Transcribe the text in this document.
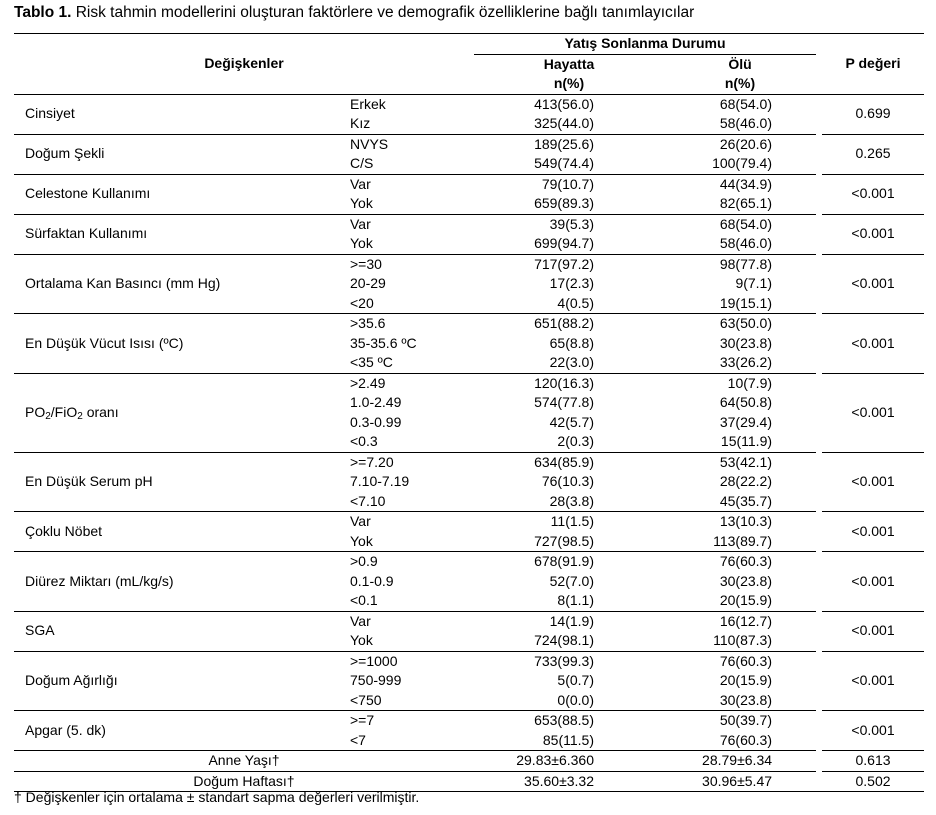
Tablo 1. Risk tahmin modellerini oluşturan faktörlere ve demografik özelliklerine bağlı tanımlayıcılar
Değişkenler		Yatış Sonlanma Durumu			P değeri
		Hayatta	Ölü		
		n(%)	n(%)		
Cinsiyet	Erkek	413(56.0)	68(54.0)		0.699
	Kız	325(44.0)	58(46.0)		
Doğum Şekli	NVYS	189(25.6)	26(20.6)		0.265
	C/S	549(74.4)	100(79.4)		
Celestone Kullanımı	Var	79(10.7)	44(34.9)		<0.001
	Yok	659(89.3)	82(65.1)		
Sürfaktan Kullanımı	Var	39(5.3)	68(54.0)		<0.001
	Yok	699(94.7)	58(46.0)		
Ortalama Kan Basıncı (mm Hg)	>=30	717(97.2)	98(77.8)		<0.001
	20-29	17(2.3)	9(7.1)		
	<20	4(0.5)	19(15.1)		
En Düşük Vücut Isısı (ºC)	>35.6	651(88.2)	63(50.0)		<0.001
	35-35.6 ºC	65(8.8)	30(23.8)		
	<35 ºC	22(3.0)	33(26.2)		
$PO_2/FiO_2$ oranı	>2.49	120(16.3)	10(7.9)		<0.001
	1.0-2.49	574(77.8)	64(50.8)		
	0.3-0.99	42(5.7)	37(29.4)		
	<0.3	2(0.3)	15(11.9)		
En Düşük Serum pH	>=7.20	634(85.9)	53(42.1)		<0.001
	7.10-7.19	76(10.3)	28(22.2)		
	<7.10	28(3.8)	45(35.7)		
Çoklu Nöbet	Var	11(1.5)	13(10.3)		<0.001
	Yok	727(98.5)	113(89.7)		
Diürez Miktarı (mL/kg/s)	>0.9	678(91.9)	76(60.3)		<0.001
	0.1-0.9	52(7.0)	30(23.8)		
	<0.1	8(1.1)	20(15.9)		
SGA	Var	14(1.9)	16(12.7)		<0.001
	Yok	724(98.1)	110(87.3)		
Doğum Ağırlığı	>=1000	733(99.3)	76(60.3)		<0.001
	750-999	5(0.7)	20(15.9)		
	<750	0(0.0)	30(23.8)		
Apgar (5. dk)	>=7	653(88.5)	50(39.7)		<0.001
	<7	85(11.5)	76(60.3)		
Anne Yaşı†		29.83±6.360	28.79±6.34		0.613
Doğum Haftası†		35.60±3.32	30.96±5.47		0.502
† Değişkenler için ortalama ± standart sapma değerleri verilmiştir.
